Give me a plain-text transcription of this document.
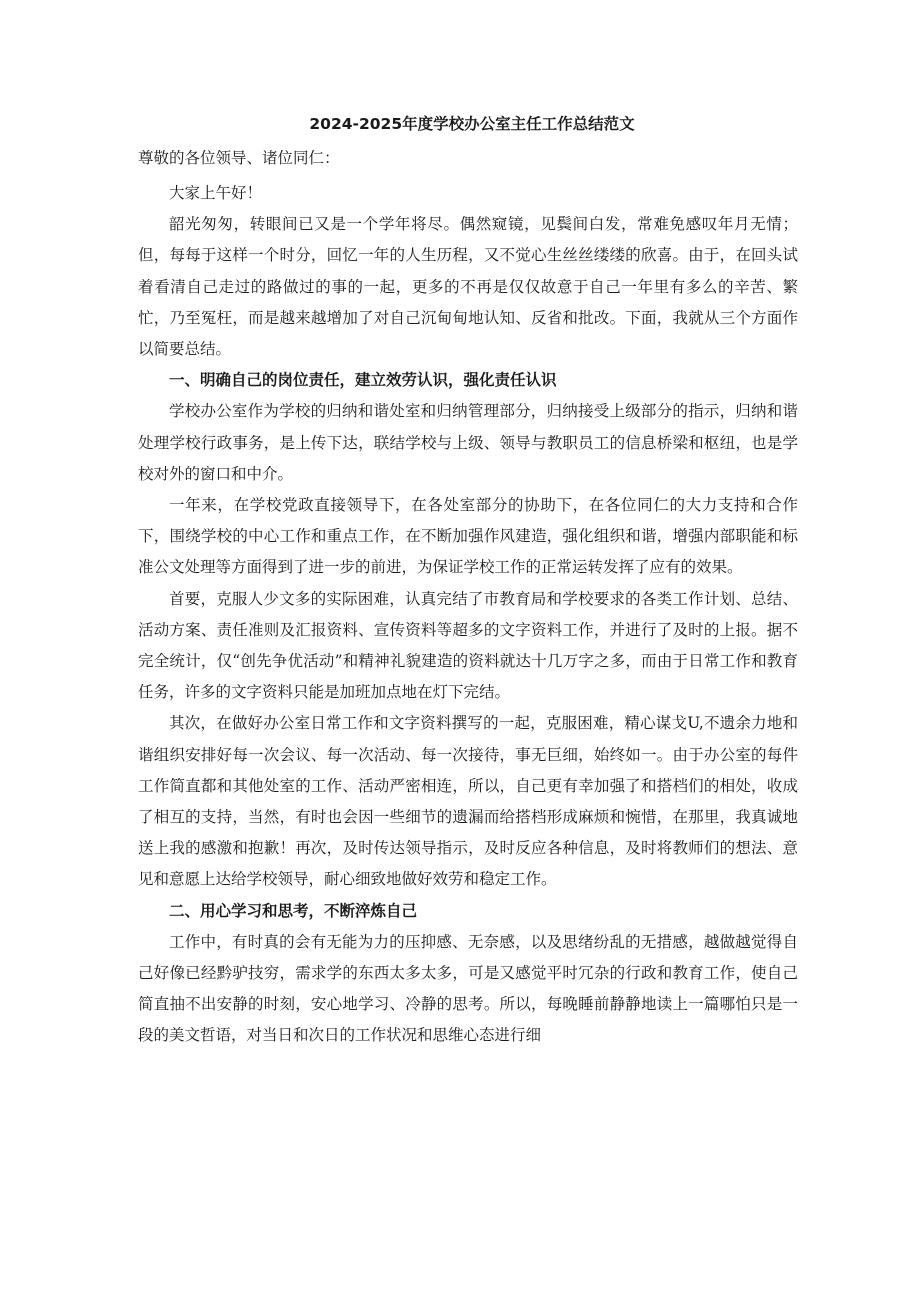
2024-2025年度学校办公室主任工作总结范文
尊敬的各位领导、诸位同仁：

大家上午好！

韶光匆匆，转眼间已又是一个学年将尽。偶然窥镜，见鬓间白发，常难免感叹年月无情；但，每每于这样一个时分，回忆一年的人生历程，又不觉心生丝丝缕缕的欣喜。由于，在回头试着看清自己走过的路做过的事的一起，更多的不再是仅仅故意于自己一年里有多么的辛苦、繁忙，乃至冤枉，而是越来越增加了对自己沉甸甸地认知、反省和批改。下面，我就从三个方面作以简要总结。

一、明确自己的岗位责任，建立效劳认识，强化责任认识

学校办公室作为学校的归纳和谐处室和归纳管理部分，归纳接受上级部分的指示，归纳和谐处理学校行政事务，是上传下达，联结学校与上级、领导与教职员工的信息桥梁和枢纽，也是学校对外的窗口和中介。

一年来，在学校党政直接领导下，在各处室部分的协助下，在各位同仁的大力支持和合作下，围绕学校的中心工作和重点工作，在不断加强作风建造，强化组织和谐，增强内部职能和标准公文处理等方面得到了进一步的前进，为保证学校工作的正常运转发挥了应有的效果。

首要，克服人少文多的实际困难，认真完结了市教育局和学校要求的各类工作计划、总结、活动方案、责任准则及汇报资料、宣传资料等超多的文字资料工作，并进行了及时的上报。据不完全统计，仅“创先争优活动”和精神礼貌建造的资料就达十几万字之多，而由于日常工作和教育任务，许多的文字资料只能是加班加点地在灯下完结。

其次，在做好办公室日常工作和文字资料撰写的一起，克服困难，精心谋戈U,不遗余力地和谐组织安排好每一次会议、每一次活动、每一次接待，事无巨细，始终如一。由于办公室的每件工作简直都和其他处室的工作、活动严密相连，所以，自己更有幸加强了和搭档们的相处，收成了相互的支持，当然，有时也会因一些细节的遗漏而给搭档形成麻烦和惋惜，在那里，我真诚地送上我的感激和抱歉！再次，及时传达领导指示，及时反应各种信息，及时将教师们的想法、意见和意愿上达给学校领导，耐心细致地做好效劳和稳定工作。

二、用心学习和思考，不断淬炼自己

工作中，有时真的会有无能为力的压抑感、无奈感，以及思绪纷乱的无措感，越做越觉得自己好像已经黔驴技穷，需求学的东西太多太多，可是又感觉平时冗杂的行政和教育工作，使自己简直抽不出安静的时刻，安心地学习、冷静的思考。所以，每晚睡前静静地读上一篇哪怕只是一段的美文哲语，对当日和次日的工作状况和思维心态进行细
